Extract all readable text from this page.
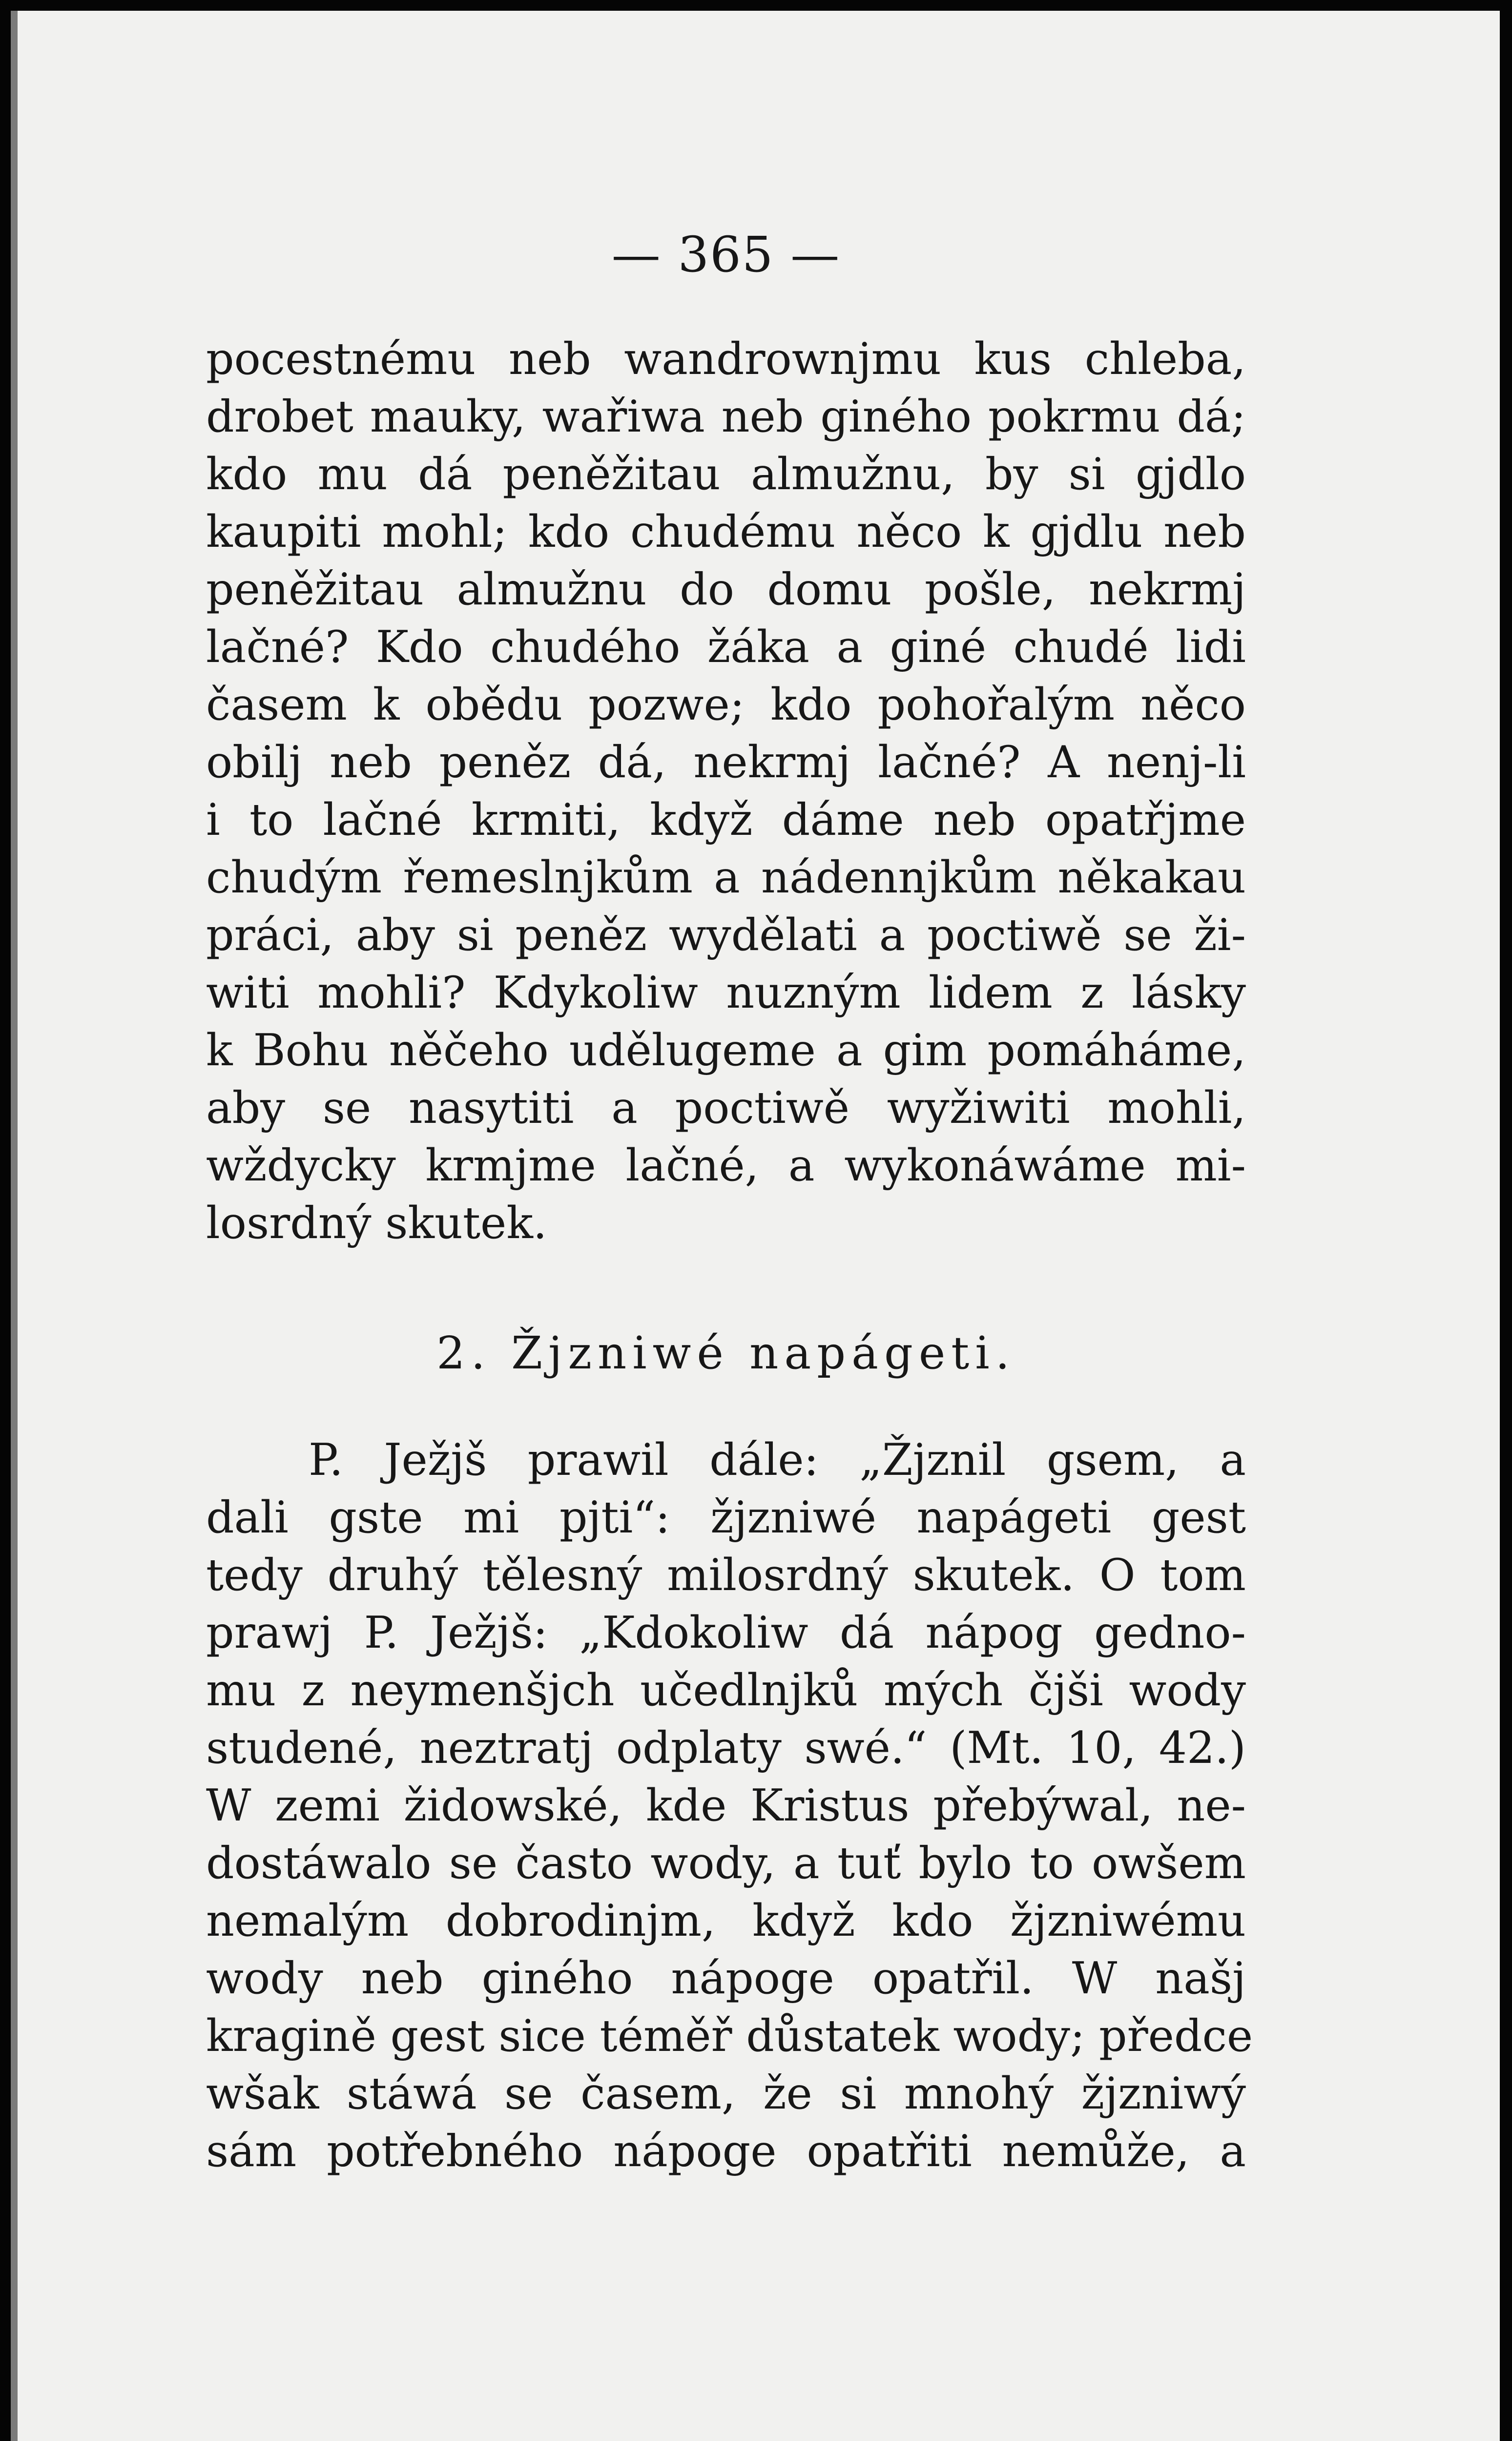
— 365 —
pocestnému neb wandrownjmu kus chleba,
drobet mauky, wařiwa neb giného pokrmu dá;
kdo mu dá peněžitau almužnu, by si gjdlo
kaupiti mohl; kdo chudému něco k gjdlu neb
peněžitau almužnu do domu pošle, nekrmj
lačné? Kdo chudého žáka a giné chudé lidi
časem k obědu pozwe; kdo pohořalým něco
obilj neb peněz dá, nekrmj lačné? A nenj-li
i to lačné krmiti, když dáme neb opatřjme
chudým řemeslnjkům a nádennjkům někakau
práci, aby si peněz wydělati a poctiwě se ži-
witi mohli? Kdykoliw nuzným lidem z lásky
k Bohu něčeho udělugeme a gim pomáháme,
aby se nasytiti a poctiwě wyžiwiti mohli,
wždycky krmjme lačné, a wykonáwáme mi-
losrdný skutek.
2. Žjzniwé napágeti.
P. Ježjš prawil dále: „Žjznil gsem, a
dali gste mi pjti“: žjzniwé napágeti gest
tedy druhý tělesný milosrdný skutek. O tom
prawj P. Ježjš: „Kdokoliw dá nápog gedno-
mu z neymenšjch učedlnjků mých čjši wody
studené, neztratj odplaty swé.“ (Mt. 10, 42.)
W zemi židowské, kde Kristus přebýwal, ne-
dostáwalo se často wody, a tuť bylo to owšem
nemalým dobrodinjm, když kdo žjzniwému
wody neb giného nápoge opatřil. W našj
kragině gest sice téměř důstatek wody; předce
wšak stáwá se časem, že si mnohý žjzniwý
sám potřebného nápoge opatřiti nemůže, a
